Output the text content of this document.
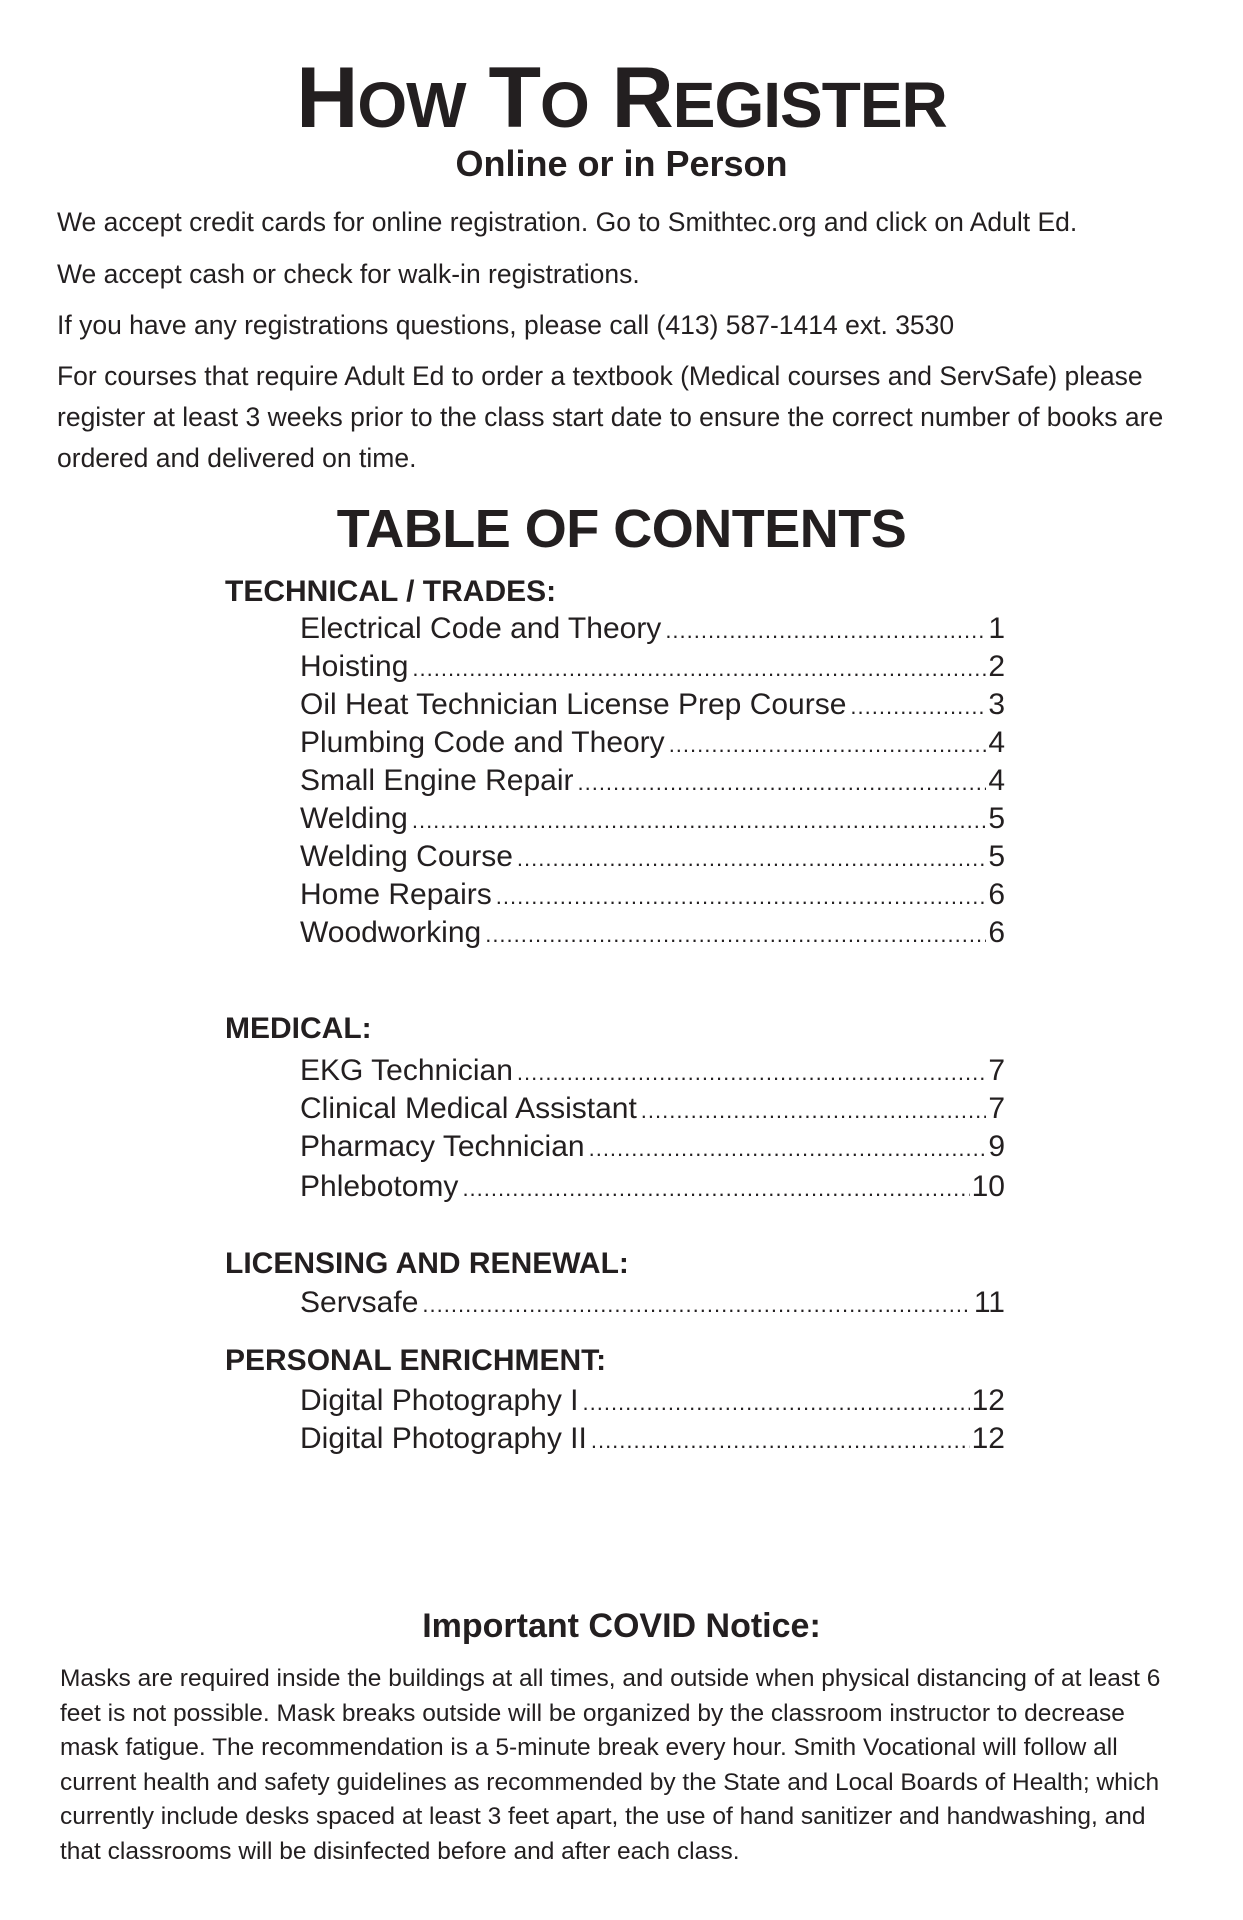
HOW TO REGISTER
Online or in Person

We accept credit cards for online registration. Go to Smithtec.org and click on Adult Ed.

We accept cash or check for walk-in registrations.

If you have any registrations questions, please call (413) 587-1414 ext. 3530

For courses that require Adult Ed to order a textbook (Medical courses and ServSafe) please register at least 3 weeks prior to the class start date to ensure the correct number of books are ordered and delivered on time.

TABLE OF CONTENTS
TECHNICAL / TRADES:
Electrical Code and Theory .....	1
Hoisting .....	2
Oil Heat Technician License Prep Course .....	3
Plumbing Code and Theory .....	4
Small Engine Repair .....	4
Welding .....	5
Welding Course .....	5
Home Repairs .....	6
Woodworking .....	6
MEDICAL:
EKG Technician .....	7
Clinical Medical Assistant .....	7
Pharmacy Technician .....	9
Phlebotomy .....	10
LICENSING AND RENEWAL:
Servsafe .....	11
PERSONAL ENRICHMENT:
Digital Photography I .....	12
Digital Photography II .....	12
Important COVID Notice:

Masks are required inside the buildings at all times, and outside when physical distancing of at least 6 feet is not possible. Mask breaks outside will be organized by the classroom instructor to decrease mask fatigue. The recommendation is a 5-minute break every hour. Smith Vocational will follow all current health and safety guidelines as recommended by the State and Local Boards of Health; which currently include desks spaced at least 3 feet apart, the use of hand sanitizer and handwashing, and that classrooms will be disinfected before and after each class.
